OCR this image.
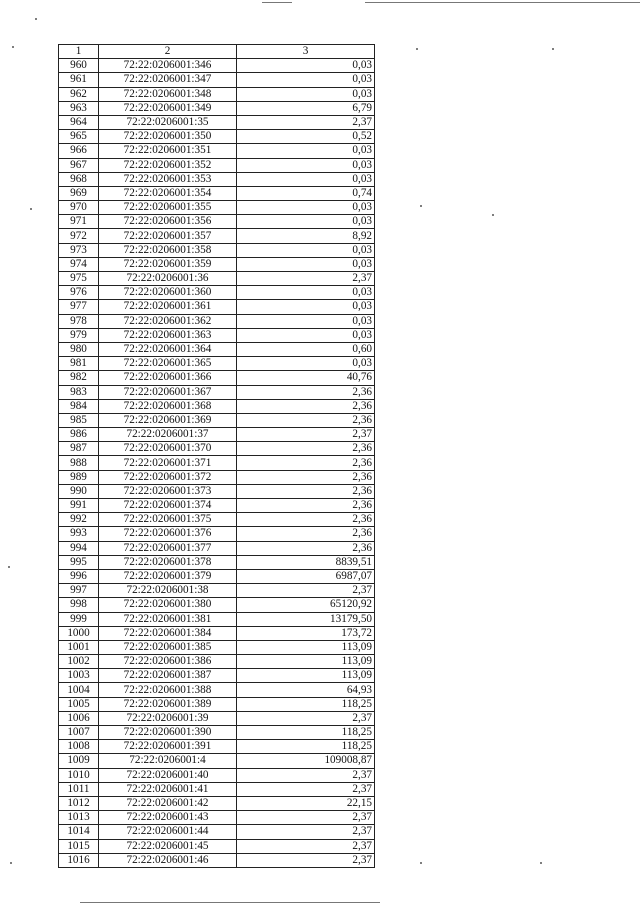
1	2	3
960	72:22:0206001:346	0,03
961	72:22:0206001:347	0,03
962	72:22:0206001:348	0,03
963	72:22:0206001:349	6,79
964	72:22:0206001:35	2,37
965	72:22:0206001:350	0,52
966	72:22:0206001:351	0,03
967	72:22:0206001:352	0,03
968	72:22:0206001:353	0,03
969	72:22:0206001:354	0,74
970	72:22:0206001:355	0,03
971	72:22:0206001:356	0,03
972	72:22:0206001:357	8,92
973	72:22:0206001:358	0,03
974	72:22:0206001:359	0,03
975	72:22:0206001:36	2,37
976	72:22:0206001:360	0,03
977	72:22:0206001:361	0,03
978	72:22:0206001:362	0,03
979	72:22:0206001:363	0,03
980	72:22:0206001:364	0,60
981	72:22:0206001:365	0,03
982	72:22:0206001:366	40,76
983	72:22:0206001:367	2,36
984	72:22:0206001:368	2,36
985	72:22:0206001:369	2,36
986	72:22:0206001:37	2,37
987	72:22:0206001:370	2,36
988	72:22:0206001:371	2,36
989	72:22:0206001:372	2,36
990	72:22:0206001:373	2,36
991	72:22:0206001:374	2,36
992	72:22:0206001:375	2,36
993	72:22:0206001:376	2,36
994	72:22:0206001:377	2,36
995	72:22:0206001:378	8839,51
996	72:22:0206001:379	6987,07
997	72:22:0206001:38	2,37
998	72:22:0206001:380	65120,92
999	72:22:0206001:381	13179,50
1000	72:22:0206001:384	173,72
1001	72:22:0206001:385	113,09
1002	72:22:0206001:386	113,09
1003	72:22:0206001:387	113,09
1004	72:22:0206001:388	64,93
1005	72:22:0206001:389	118,25
1006	72:22:0206001:39	2,37
1007	72:22:0206001:390	118,25
1008	72:22:0206001:391	118,25
1009	72:22:0206001:4	109008,87
1010	72:22:0206001:40	2,37
1011	72:22:0206001:41	2,37
1012	72:22:0206001:42	22,15
1013	72:22:0206001:43	2,37
1014	72:22:0206001:44	2,37
1015	72:22:0206001:45	2,37
1016	72:22:0206001:46	2,37
